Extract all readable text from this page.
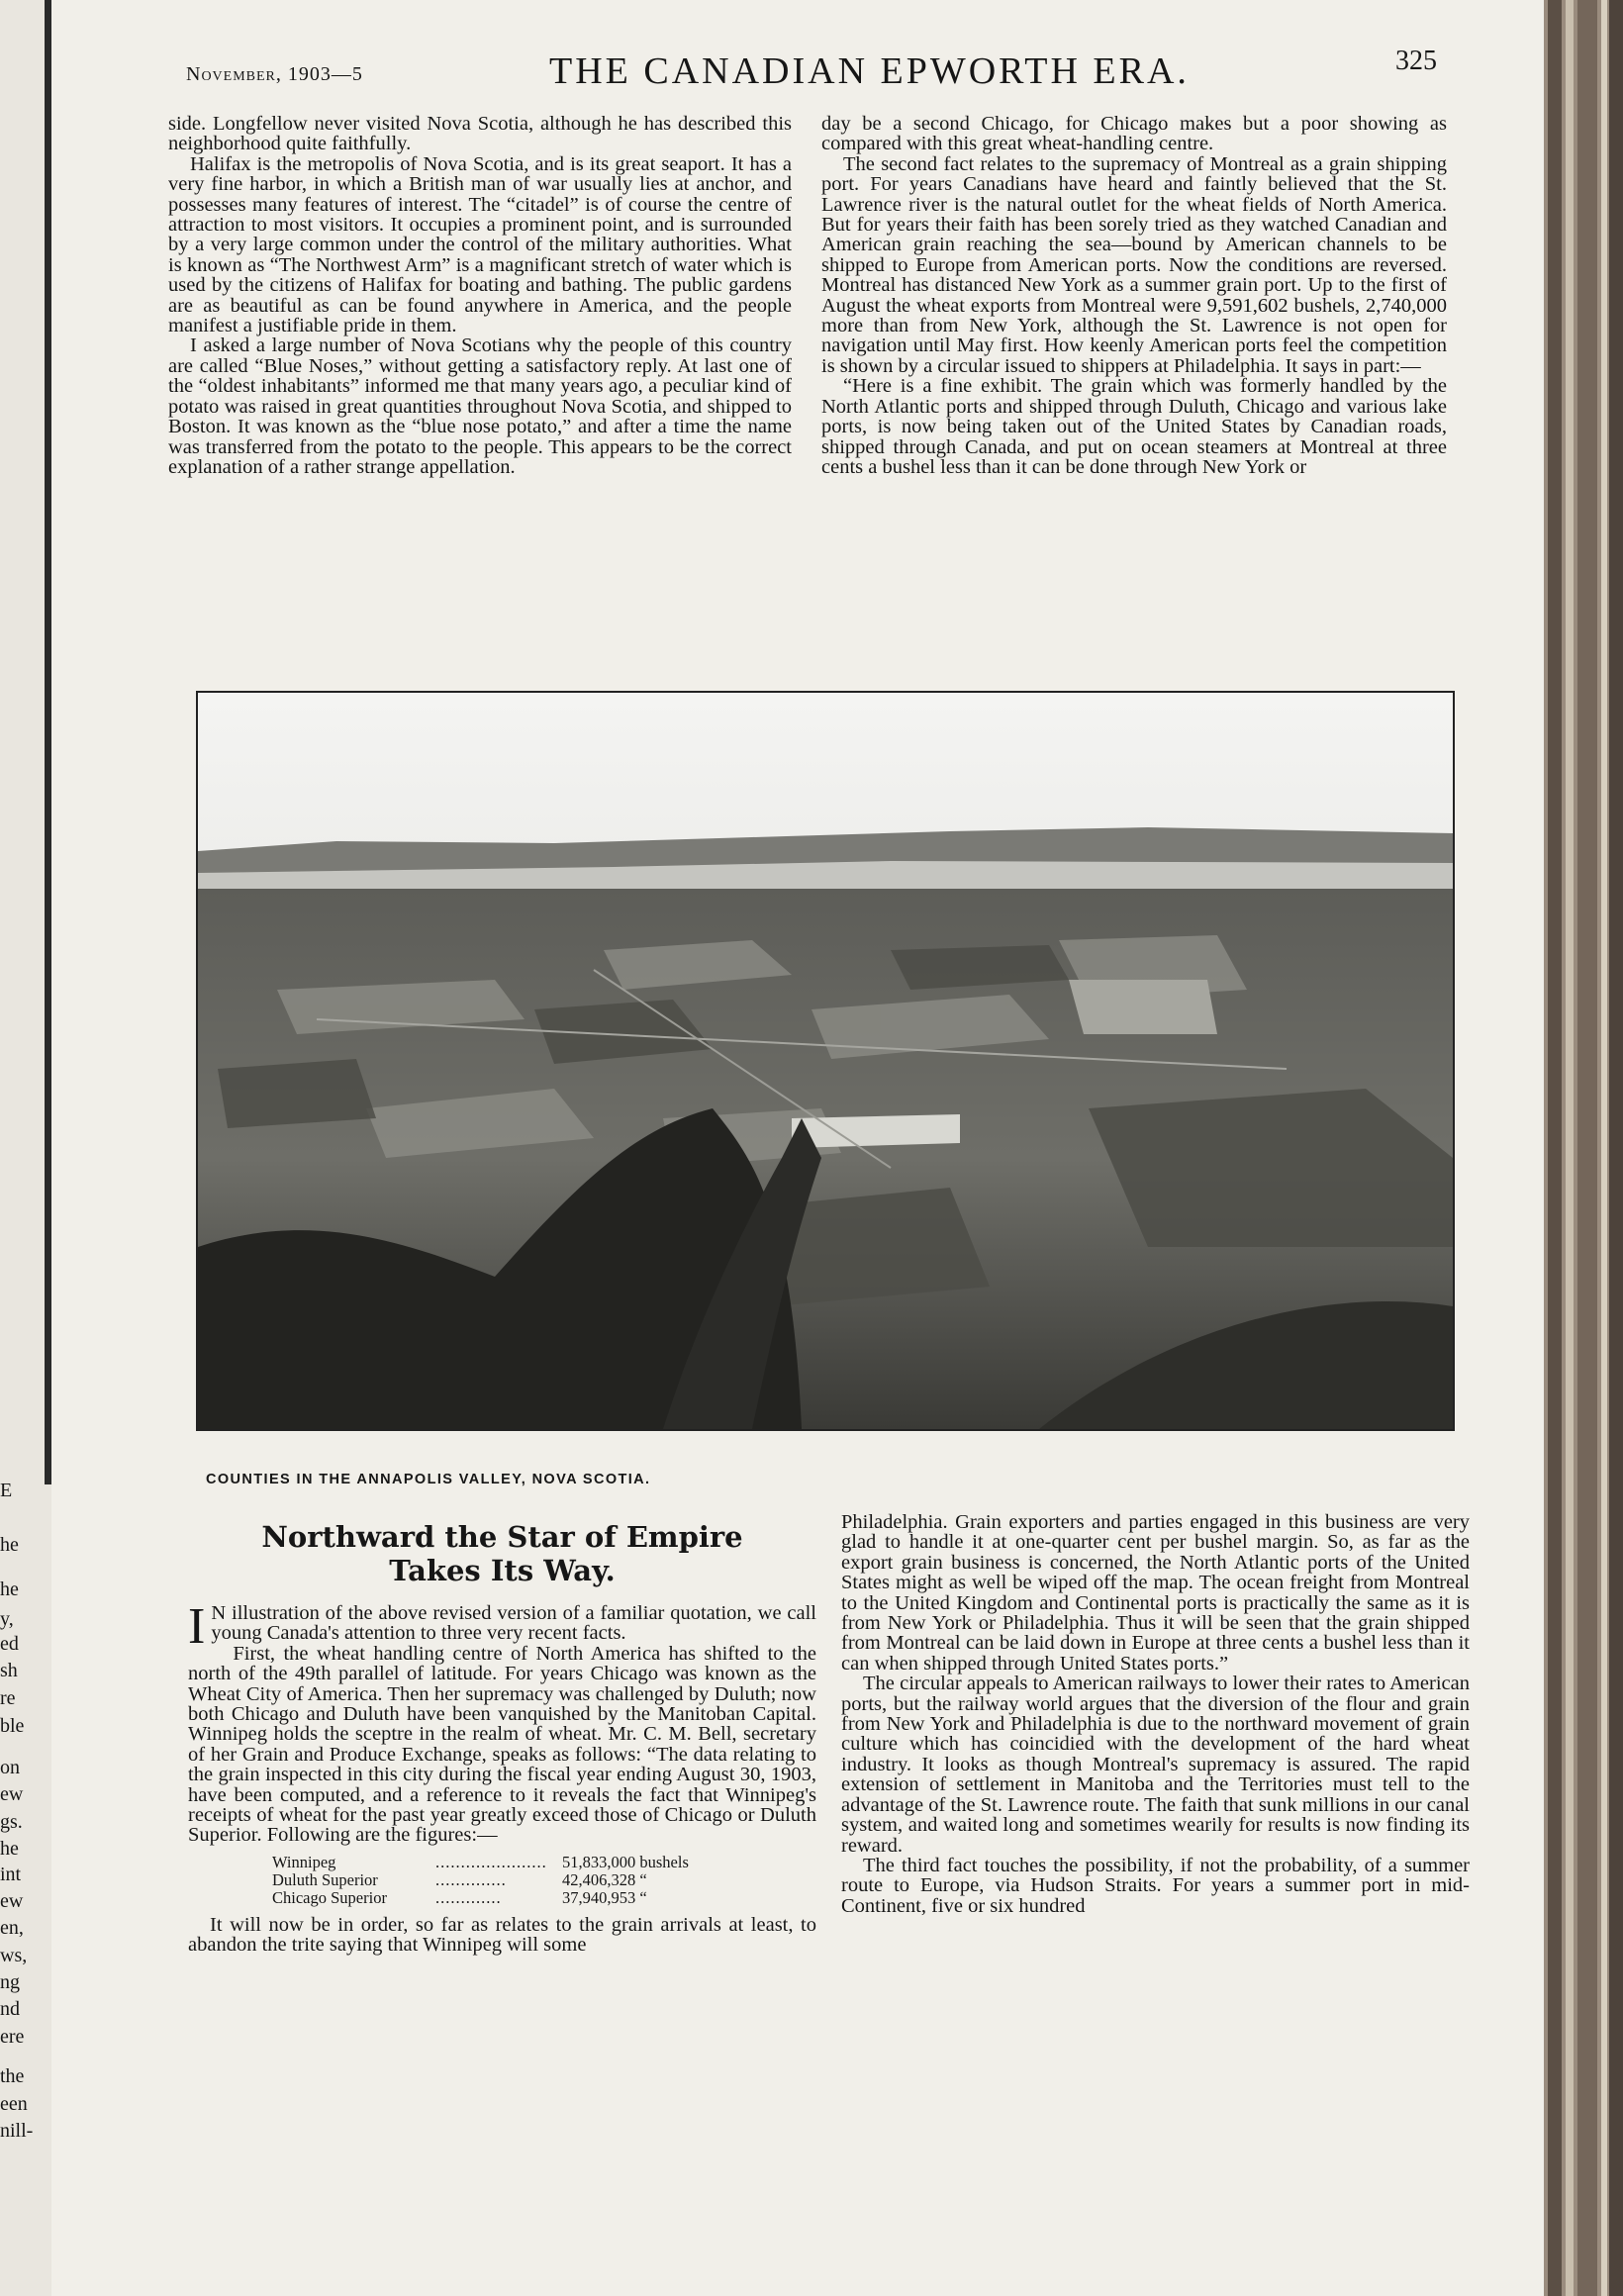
E
he
he
y,
ed
sh
re
ble
on
ew
gs.
he
int
ew
en,
ws,
ng
nd
ere
the
een
nill-
November, 1903—5	THE CANADIAN EPWORTH ERA.	325

side. Longfellow never visited Nova Scotia, although he has described this neighborhood quite faithfully.

Halifax is the metropolis of Nova Scotia, and is its great seaport. It has a very fine harbor, in which a British man of war usually lies at anchor, and possesses many features of interest. The “citadel” is of course the centre of attraction to most visitors. It occupies a prominent point, and is surrounded by a very large common under the control of the military authorities. What is known as “The Northwest Arm” is a magnificant stretch of water which is used by the citizens of Halifax for boating and bathing. The public gardens are as beautiful as can be found anywhere in America, and the people manifest a justifiable pride in them.

I asked a large number of Nova Scotians why the people of this country are called “Blue Noses,” without getting a satisfactory reply. At last one of the “oldest inhabitants” informed me that many years ago, a peculiar kind of potato was raised in great quantities throughout Nova Scotia, and shipped to Boston. It was known as the “blue nose potato,” and after a time the name was transferred from the potato to the people. This appears to be the correct explanation of a rather strange appellation.

day be a second Chicago, for Chicago makes but a poor showing as compared with this great wheat-handling centre.

The second fact relates to the supremacy of Montreal as a grain shipping port. For years Canadians have heard and faintly believed that the St. Lawrence river is the natural outlet for the wheat fields of North America. But for years their faith has been sorely tried as they watched Canadian and American grain reaching the sea—bound by American channels to be shipped to Europe from American ports. Now the conditions are reversed. Montreal has distanced New York as a summer grain port. Up to the first of August the wheat exports from Montreal were 9,591,602 bushels, 2,740,000 more than from New York, although the St. Lawrence is not open for navigation until May first. How keenly American ports feel the competition is shown by a circular issued to shippers at Philadelphia. It says in part:—

“Here is a fine exhibit. The grain which was formerly handled by the North Atlantic ports and shipped through Duluth, Chicago and various lake ports, is now being taken out of the United States by Canadian roads, shipped through Canada, and put on ocean steamers at Montreal at three cents a bushel less than it can be done through New York or

COUNTIES IN THE ANNAPOLIS VALLEY, NOVA SCOTIA.
Northward the Star of Empire
Takes Its Way.

I N illustration of the above revised version of a familiar quotation, we call young Canada's attention to three very recent facts.

First, the wheat handling centre of North America has shifted to the north of the 49th parallel of latitude. For years Chicago was known as the Wheat City of America. Then her supremacy was challenged by Duluth; now both Chicago and Duluth have been vanquished by the Manitoban Capital. Winnipeg holds the sceptre in the realm of wheat. Mr. C. M. Bell, secretary of her Grain and Produce Exchange, speaks as follows: “The data relating to the grain inspected in this city during the fiscal year ending August 30, 1903, have been computed, and a reference to it reveals the fact that Winnipeg's receipts of wheat for the past year greatly exceed those of Chicago or Duluth Superior. Following are the figures:—

Winnipeg	...................... 51,833,000 bushels
Duluth Superior	..............	42,406,328 “
Chicago Superior	.............	37,940,953 “

It will now be in order, so far as relates to the grain arrivals at least, to abandon the trite saying that Winnipeg will some

Philadelphia. Grain exporters and parties engaged in this business are very glad to handle it at one-quarter cent per bushel margin. So, as far as the export grain business is concerned, the North Atlantic ports of the United States might as well be wiped off the map. The ocean freight from Montreal to the United Kingdom and Continental ports is practically the same as it is from New York or Philadelphia. Thus it will be seen that the grain shipped from Montreal can be laid down in Europe at three cents a bushel less than it can when shipped through United States ports.”

The circular appeals to American railways to lower their rates to American ports, but the railway world argues that the diversion of the flour and grain from New York and Philadelphia is due to the northward movement of grain culture which has coincidied with the development of the hard wheat industry. It looks as though Montreal's supremacy is assured. The rapid extension of settlement in Manitoba and the Territories must tell to the advantage of the St. Lawrence route. The faith that sunk millions in our canal system, and waited long and sometimes wearily for results is now finding its reward.

The third fact touches the possibility, if not the probability, of a summer route to Europe, via Hudson Straits. For years a summer port in mid-Continent, five or six hundred
